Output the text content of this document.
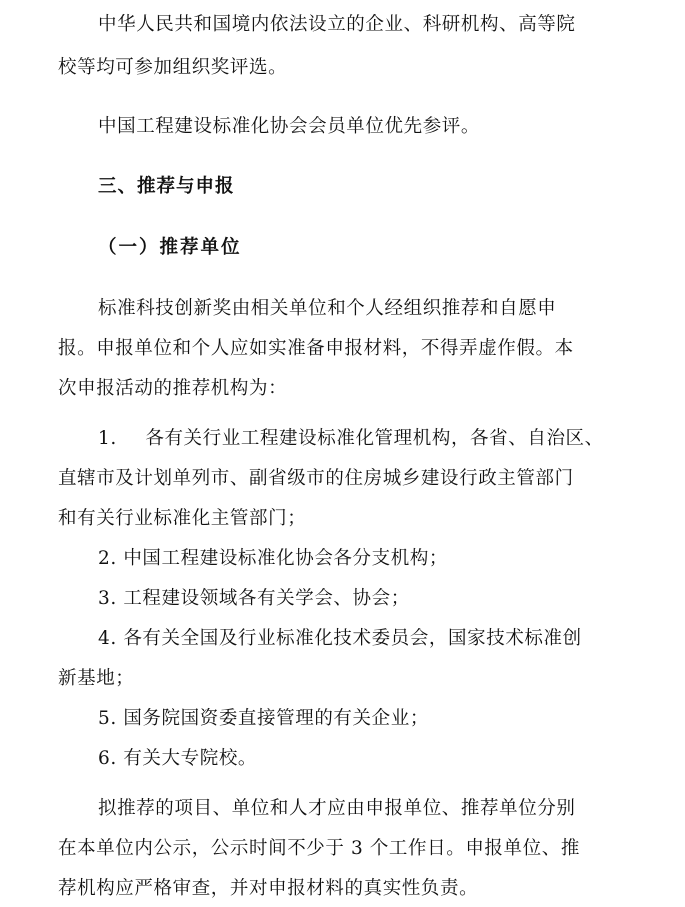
中华人民共和国境内依法设立的企业、科研机构、高等院
校等均可参加组织奖评选。
中国工程建设标准化协会会员单位优先参评。
三、推荐与申报
（一）推荐单位
标准科技创新奖由相关单位和个人经组织推荐和自愿申
报。申报单位和个人应如实准备申报材料，不得弄虚作假。本
次申报活动的推荐机构为：
1. 各有关行业工程建设标准化管理机构，各省、自治区、
直辖市及计划单列市、副省级市的住房城乡建设行政主管部门
和有关行业标准化主管部门；
2. 中国工程建设标准化协会各分支机构；
3. 工程建设领域各有关学会、协会；
4. 各有关全国及行业标准化技术委员会，国家技术标准创
新基地；
5. 国务院国资委直接管理的有关企业；
6. 有关大专院校。
拟推荐的项目、单位和人才应由申报单位、推荐单位分别
在本单位内公示，公示时间不少于 3 个工作日。申报单位、推
荐机构应严格审查，并对申报材料的真实性负责。
